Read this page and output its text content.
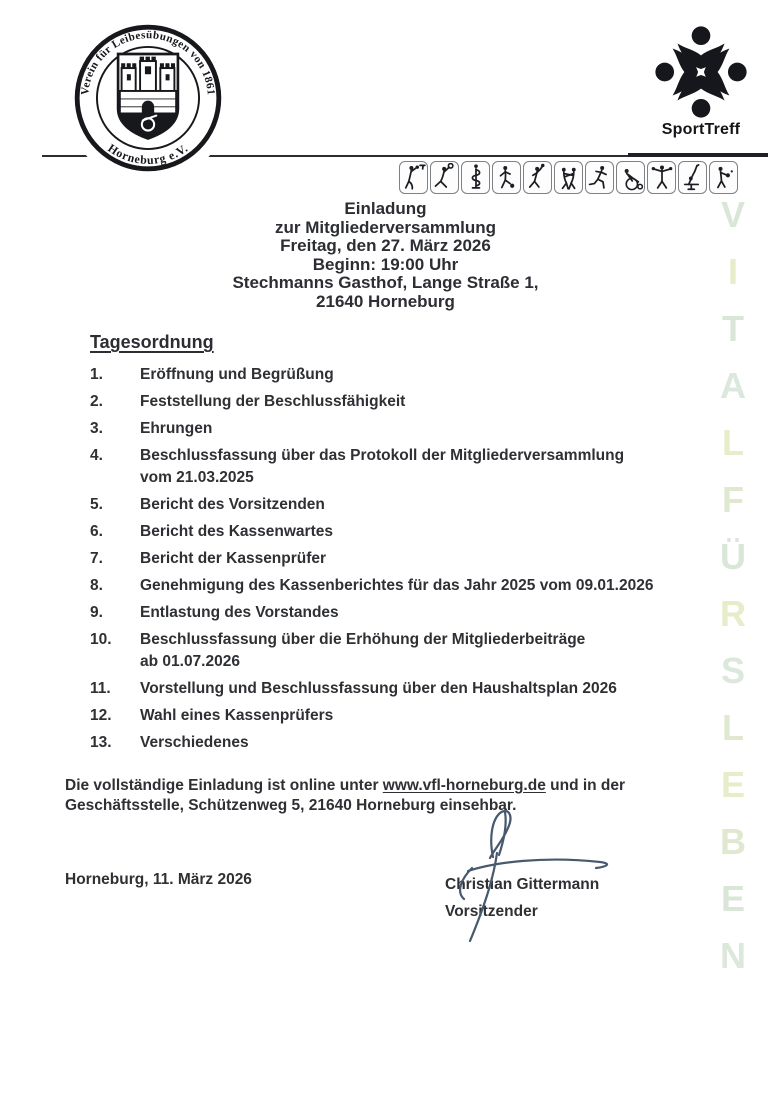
Verein für Leibesübungen von 1861
Horneburg e.V.
SportTreff
V
I
T
A
L
F
Ü
R
S
L
E
B
E
N
Einladung
zur Mitgliederversammlung
Freitag, den 27. März 2026
Beginn: 19:00 Uhr
Stechmanns Gasthof, Lange Straße 1,
21640 Horneburg
Tagesordnung
1.	Eröffnung und Begrüßung
2.	Feststellung der Beschlussfähigkeit
3.	Ehrungen
4.	Beschlussfassung über das Protokoll der Mitgliederversammlung
vom 21.03.2025
5.	Bericht des Vorsitzenden
6.	Bericht des Kassenwartes
7.	Bericht der Kassenprüfer
8.	Genehmigung des Kassenberichtes für das Jahr 2025 vom 09.01.2026
9.	Entlastung des Vorstandes
10.	Beschlussfassung über die Erhöhung der Mitgliederbeiträge
ab 01.07.2026
11.	Vorstellung und Beschlussfassung über den Haushaltsplan 2026
12.	Wahl eines Kassenprüfers
13.	Verschiedenes
Die vollständige Einladung ist online unter www.vfl-horneburg.de und in der Geschäftsstelle, Schützenweg 5, 21640 Horneburg einsehbar.
Horneburg, 11. März 2026	Christian Gittermann
Vorsitzender
